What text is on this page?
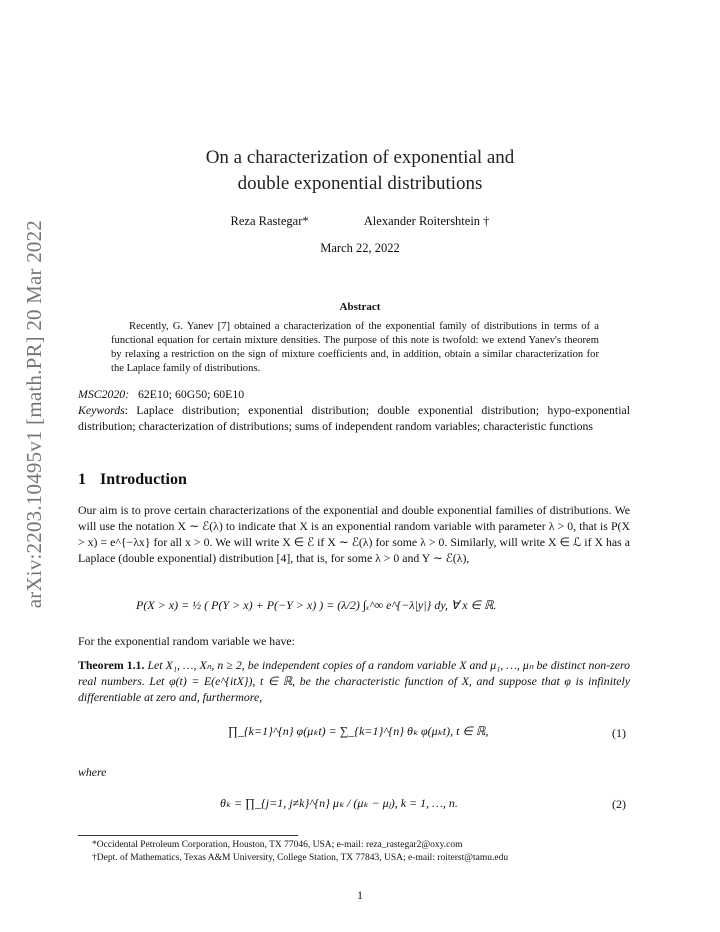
arXiv:2203.10495v1 [math.PR] 20 Mar 2022
On a characterization of exponential and
double exponential distributions
Reza Rastegar*	Alexander Roitershtein †
March 22, 2022
Abstract
Recently, G. Yanev [7] obtained a characterization of the exponential family of distributions in terms of a functional equation for certain mixture densities. The purpose of this note is twofold: we extend Yanev's theorem by relaxing a restriction on the sign of mixture coefficients and, in addition, obtain a similar characterization for the Laplace family of distributions.
MSC2020: 62E10; 60G50; 60E10
Keywords: Laplace distribution; exponential distribution; double exponential distribution; hypo-exponential distribution; characterization of distributions; sums of independent random variables; characteristic functions
1 Introduction
Our aim is to prove certain characterizations of the exponential and double exponential families of distributions. We will use the notation X ∼ ℰ(λ) to indicate that X is an exponential random variable with parameter λ > 0, that is P(X > x) = e^{−λx} for all x > 0. We will write X ∈ ℰ if X ∼ ℰ(λ) for some λ > 0. Similarly, will write X ∈ ℒ if X has a Laplace (double exponential) distribution [4], that is, for some λ > 0 and Y ∼ ℰ(λ),
P(X > x) = ½ ( P(Y > x) + P(−Y > x) ) = (λ/2) ∫ₓ^∞ e^{−λ|y|} dy, ∀ x ∈ ℝ.
For the exponential random variable we have:
Theorem 1.1. Let X₁, …, Xₙ, n ≥ 2, be independent copies of a random variable X and μ₁, …, μₙ be distinct non-zero real numbers. Let φ(t) = E(e^{itX}), t ∈ ℝ, be the characteristic function of X, and suppose that φ is infinitely differentiable at zero and, furthermore,
∏_{k=1}^{n} φ(μₖt) = ∑_{k=1}^{n} θₖ φ(μₖt), t ∈ ℝ,	(1)
where
θₖ = ∏_{j=1, j≠k}^{n} μₖ / (μₖ − μⱼ), k = 1, …, n.	(2)
*Occidental Petroleum Corporation, Houston, TX 77046, USA; e-mail: reza_rastegar2@oxy.com
†Dept. of Mathematics, Texas A&M University, College Station, TX 77843, USA; e-mail: roiterst@tamu.edu
1
